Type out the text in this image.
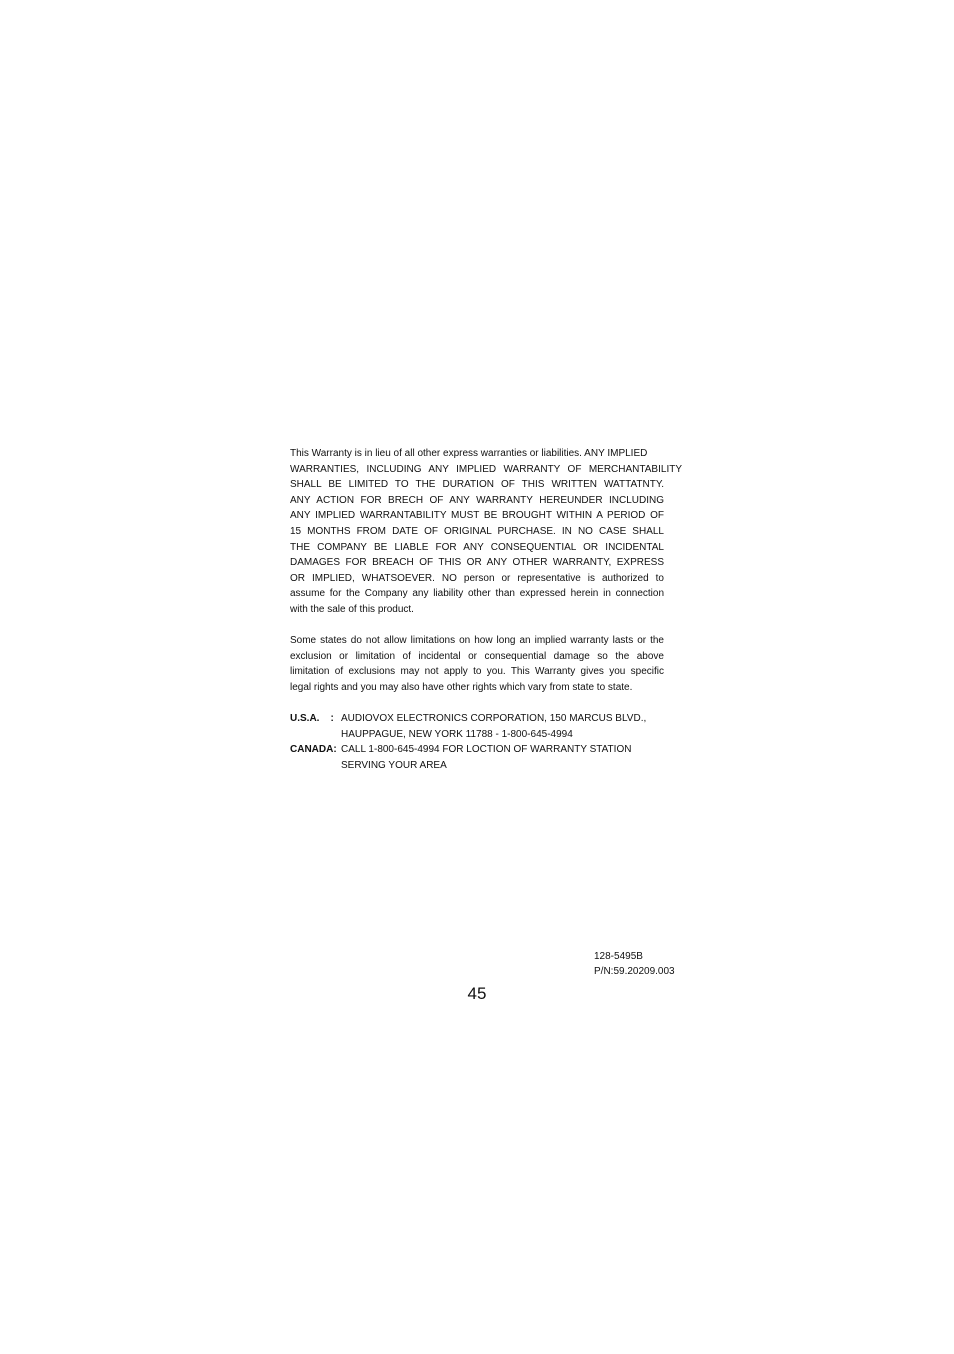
This Warranty is in lieu of all other express warranties or liabilities. ANY IMPLIED
WARRANTIES, INCLUDING ANY IMPLIED WARRANTY OF MERCHANTABILITY
SHALL BE LIMITED TO THE DURATION OF THIS WRITTEN WATTATNTY.
ANY ACTION FOR BRECH OF ANY WARRANTY HEREUNDER INCLUDING
ANY IMPLIED WARRANTABILITY MUST BE BROUGHT WITHIN A PERIOD OF
15 MONTHS FROM DATE OF ORIGINAL PURCHASE. IN NO CASE SHALL
THE COMPANY BE LIABLE FOR ANY CONSEQUENTIAL OR INCIDENTAL
DAMAGES FOR BREACH OF THIS OR ANY OTHER WARRANTY, EXPRESS
OR IMPLIED, WHATSOEVER. NO person or representative is authorized to
assume for the Company any liability other than expressed herein in connection
with the sale of this product.

Some states do not allow limitations on how long an implied warranty lasts or the
exclusion or limitation of incidental or consequential damage so the above
limitation of exclusions may not apply to you. This Warranty gives you specific
legal rights and you may also have other rights which vary from state to state.

U.S.A.    : AUDIOVOX ELECTRONICS CORPORATION, 150 MARCUS BLVD.,
HAUPPAGUE, NEW YORK 11788 - 1-800-645-4994
CANADA: CALL 1-800-645-4994 FOR LOCTION OF WARRANTY STATION
SERVING YOUR AREA
128-5495B
P/N:59.20209.003
45
